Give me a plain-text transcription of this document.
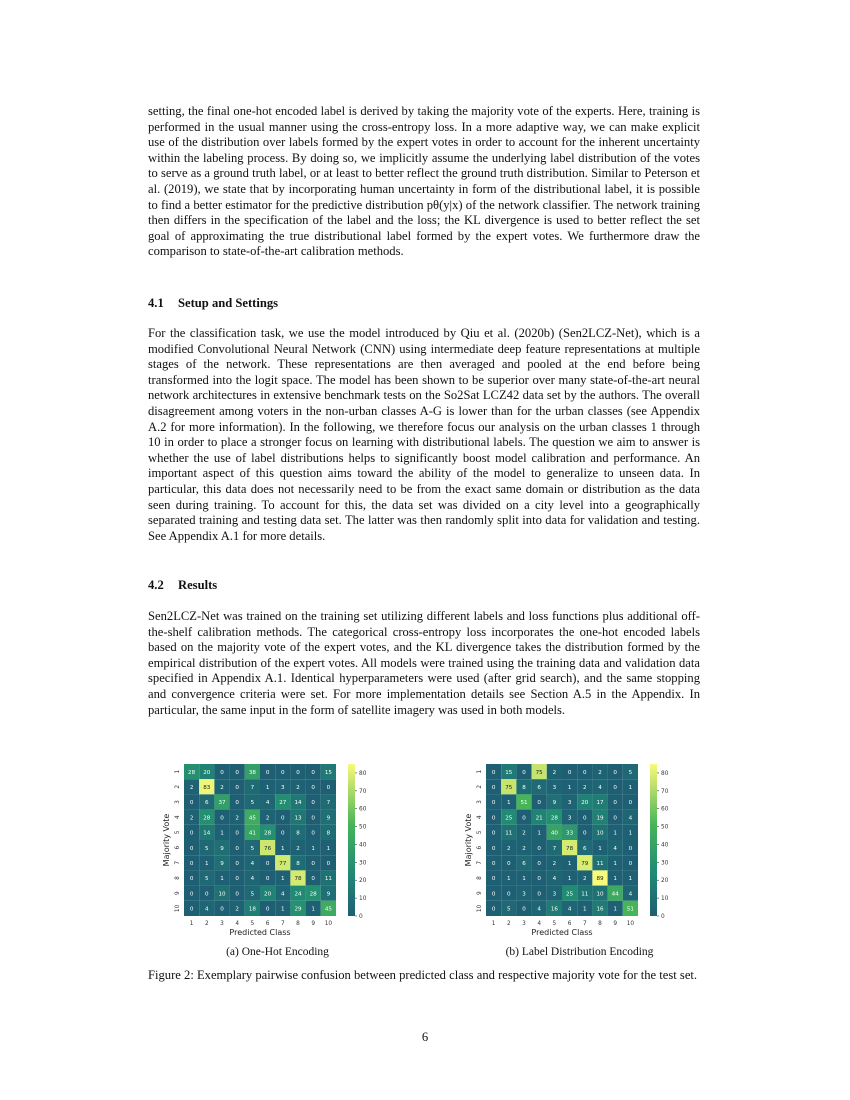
setting, the final one-hot encoded label is derived by taking the majority vote of the experts. Here, training is performed in the usual manner using the cross-entropy loss. In a more adaptive way, we can make explicit use of the distribution over labels formed by the expert votes in order to account for the inherent uncertainty within the labeling process. By doing so, we implicitly assume the underlying label distribution of the votes to serve as a ground truth label, or at least to better reflect the ground truth distribution. Similar to Peterson et al. (2019), we state that by incorporating human uncertainty in form of the distributional label, it is possible to find a better estimator for the predictive distribution pθ(y|x) of the network classifier. The network training then differs in the specification of the label and the loss; the KL divergence is used to better reflect the set goal of approximating the true distributional label formed by the expert votes. We furthermore draw the comparison to state-of-the-art calibration methods.

4.1 Setup and Settings

For the classification task, we use the model introduced by Qiu et al. (2020b) (Sen2LCZ-Net), which is a modified Convolutional Neural Network (CNN) using intermediate deep feature representations at multiple stages of the network. These representations are then averaged and pooled at the end before being transformed into the logit space. The model has been shown to be superior over many state-of-the-art neural network architectures in extensive benchmark tests on the So2Sat LCZ42 data set by the authors. The overall disagreement among voters in the non-urban classes A-G is lower than for the urban classes (see Appendix A.2 for more information). In the following, we therefore focus our analysis on the urban classes 1 through 10 in order to place a stronger focus on learning with distributional labels. The question we aim to answer is whether the use of label distributions helps to significantly boost model calibration and performance. An important aspect of this question aims toward the ability of the model to generalize to unseen data. In particular, this data does not necessarily need to be from the exact same domain or distribution as the data seen during training. To account for this, the data set was divided on a city level into a geographically separated training and testing data set. The latter was then randomly split into data for validation and testing. See Appendix A.1 for more details.

4.2 Results

Sen2LCZ-Net was trained on the training set utilizing different labels and loss functions plus additional off-the-shelf calibration methods. The categorical cross-entropy loss incorporates the one-hot encoded labels based on the majority vote of the expert votes, and the KL divergence takes the distribution formed by the empirical distribution of the expert votes. All models were trained using the training data and validation data specified in Appendix A.1. Identical hyperparameters were used (after grid search), and the same stopping and convergence criteria were set. For more implementation details see Section A.5 in the Appendix. In particular, the same input in the form of satellite imagery was used in both models.

28 20 0 0 38 0 0 0 0 15
2 83 2 0 7 1 3 2 0 0
0 6 37 0 5 4 27 14 0 7
2 28 0 2 45 2 0 13 0 9
0 14 1 0 41 28 0 8 0 8
0 5 9 0 5 76 1 2 1 1
0 1 9 0 4 0 77 8 0 0
0 5 1 0 4 0 1 78 0 11
0 0 10 0 5 20 4 24 28 9
0 4 0 2 18 0 1 29 1 45
1 2 3 4 5 6 7 8 9 10
1
2
3
4
5
6
7
8
9
10
Predicted Class
Majority Vote
0
10
20
30
40
50
60
70
80	0 15 0 75 2 0 0 2 0 5
0 75 8 6 3 1 2 4 0 1
0 1 51 0 9 3 20 17 0 0
0 25 0 21 28 3 0 19 0 4
0 11 2 1 40 33 0 10 1 1
0 2 2 0 7 78 6 1 4 0
0 0 6 0 2 1 79 11 1 0
0 1 1 0 4 1 2 89 1 1
0 0 3 0 3 25 11 10 44 4
0 5 0 4 16 4 1 16 1 51
1 2 3 4 5 6 7 8 9 10
1
2
3
4
5
6
7
8
9
10
Predicted Class
Majority Vote
0
10
20
30
40
50
60
70
80
(a) One-Hot Encoding	(b) Label Distribution Encoding

Figure 2: Exemplary pairwise confusion between predicted class and respective majority vote for the test set.

6
